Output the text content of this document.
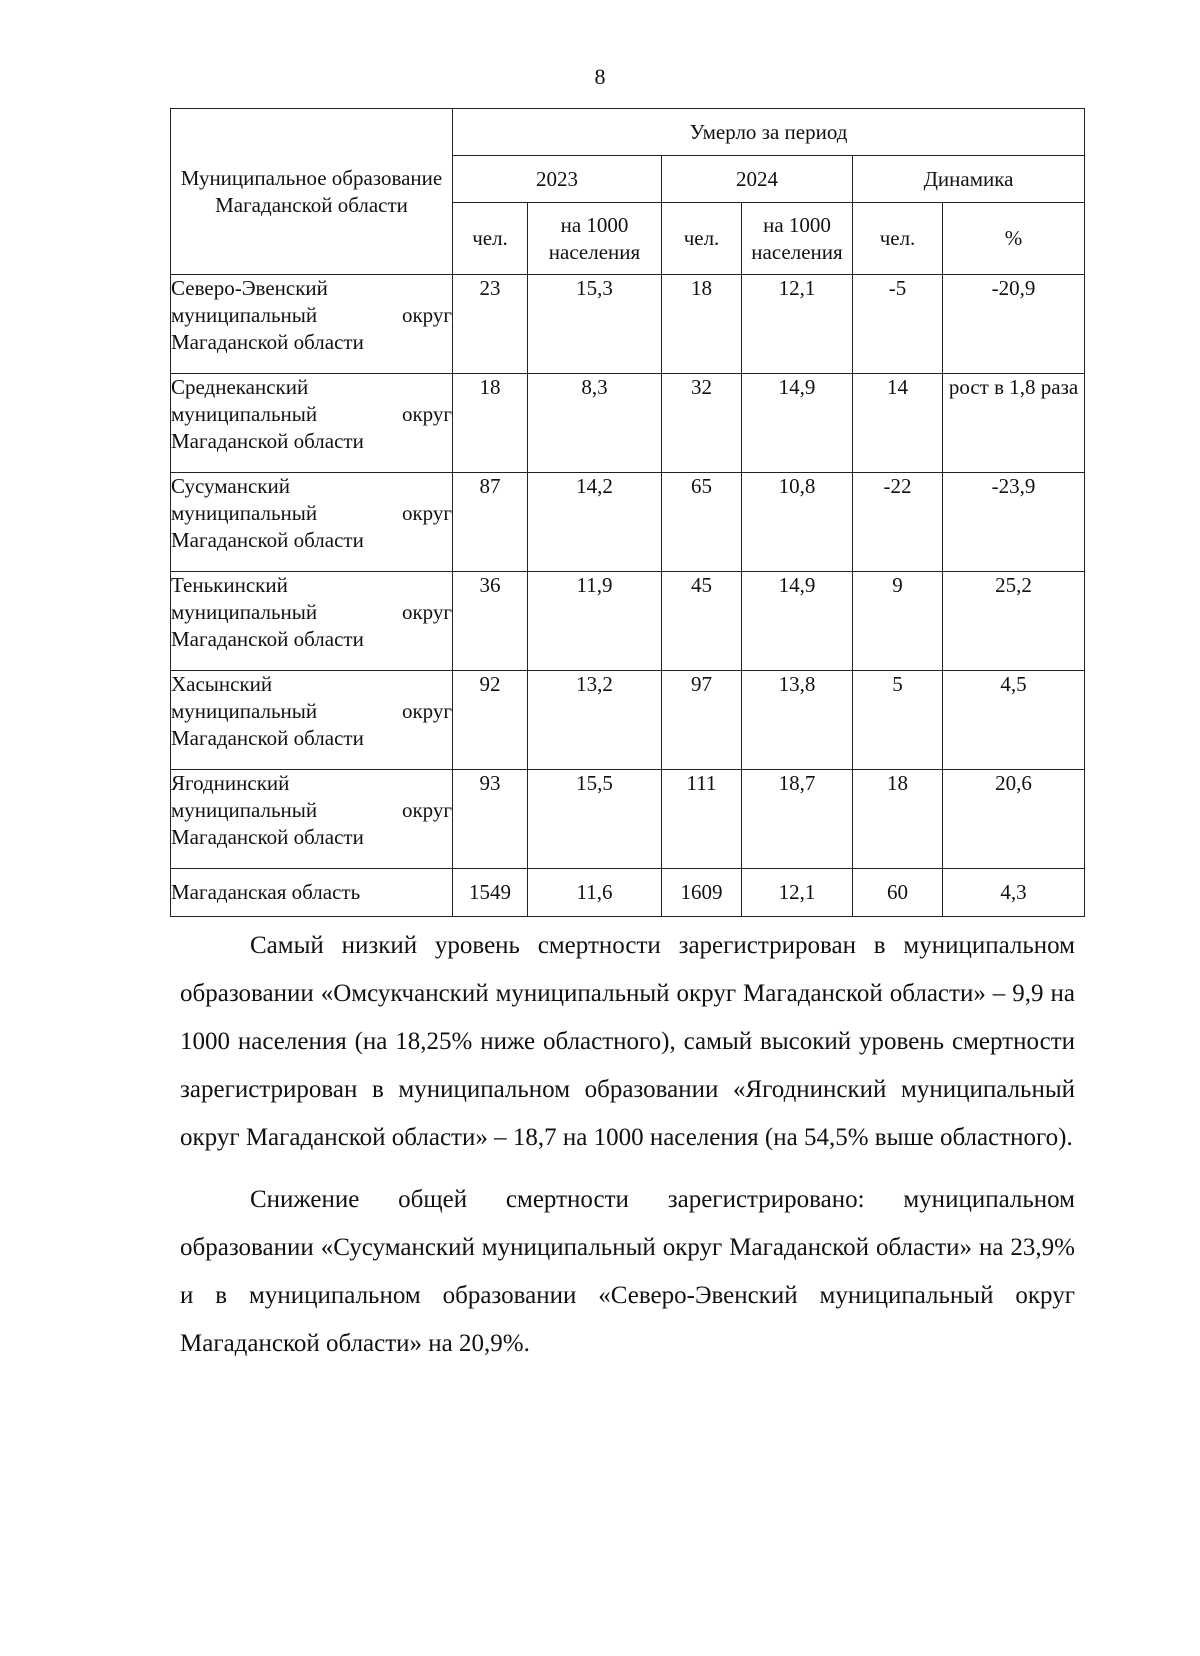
8
Муниципальное образование Магаданской области	Умерло за период					
	2023		2024		Динамика	
	чел.	на 1000 населения	чел.	на 1000 населения	чел.	%

Северо-Эвенский
муниципальный округ
Магаданской области	23	15,3	18	12,1	-5	-20,9

Среднеканский
муниципальный округ
Магаданской области	18	8,3	32	14,9	14	рост в 1,8 раза

Сусуманский
муниципальный округ
Магаданской области	87	14,2	65	10,8	-22	-23,9

Тенькинский
муниципальный округ
Магаданской области	36	11,9	45	14,9	9	25,2

Хасынский
муниципальный округ
Магаданской области	92	13,2	97	13,8	5	4,5

Ягоднинский
муниципальный округ
Магаданской области	93	15,5	111	18,7	18	20,6
Магаданская область	1549	11,6	1609	12,1	60	4,3

Самый низкий уровень смертности зарегистрирован в муниципальном образовании «Омсукчанский муниципальный округ Магаданской области» – 9,9 на 1000 населения (на 18,25% ниже областного), самый высокий уровень смертности зарегистрирован в муниципальном образовании «Ягоднинский муниципальный округ Магаданской области» – 18,7 на 1000 населения (на 54,5% выше областного).

Снижение общей смертности зарегистрировано: муниципальном образовании «Сусуманский муниципальный округ Магаданской области» на 23,9% и в муниципальном образовании «Северо-Эвенский муниципальный округ Магаданской области» на 20,9%.
